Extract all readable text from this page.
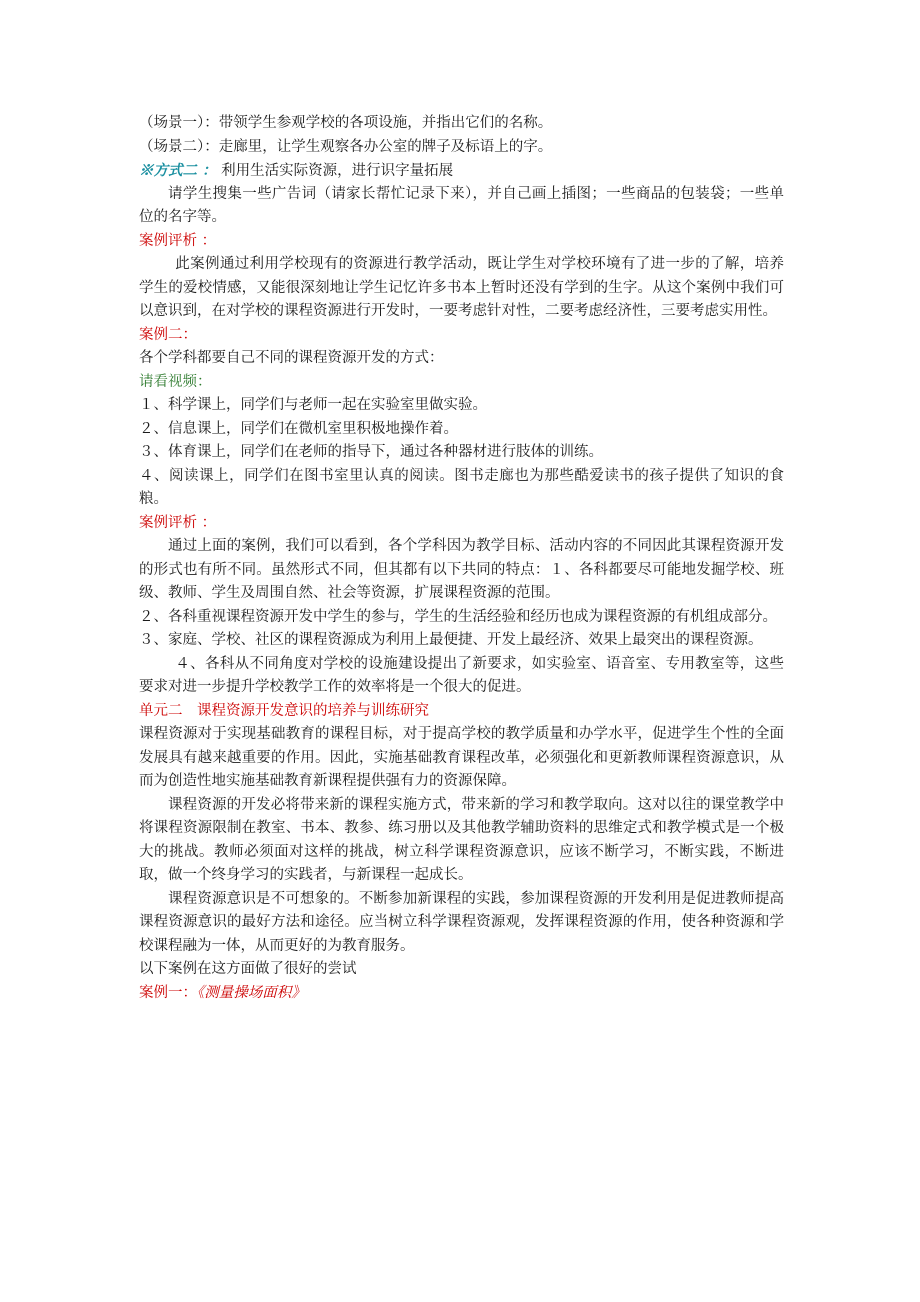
（场景一）：带领学生参观学校的各项设施，并指出它们的名称。

（场景二）：走廊里，让学生观察各办公室的牌子及标语上的字。

※方式二 ： 利用生活实际资源，进行识字量拓展

请学生搜集一些广告词（请家长帮忙记录下来），并自己画上插图；一些商品的包装袋；一些单位的名字等。

案例评析 ：

此案例通过利用学校现有的资源进行教学活动，既让学生对学校环境有了进一步的了解，培养学生的爱校情感，又能很深刻地让学生记忆许多书本上暂时还没有学到的生字。从这个案例中我们可以意识到，在对学校的课程资源进行开发时，一要考虑针对性，二要考虑经济性，三要考虑实用性。

案例二：

各个学科都要自己不同的课程资源开发的方式：

请看视频：

１、科学课上，同学们与老师一起在实验室里做实验。

２、信息课上，同学们在微机室里积极地操作着。

３、体育课上，同学们在老师的指导下，通过各种器材进行肢体的训练。

４、阅读课上，同学们在图书室里认真的阅读。图书走廊也为那些酷爱读书的孩子提供了知识的食粮。

案例评析 ：

通过上面的案例，我们可以看到，各个学科因为教学目标、活动内容的不同因此其课程资源开发的形式也有所不同。虽然形式不同，但其都有以下共同的特点：１、各科都要尽可能地发掘学校、班级、教师、学生及周围自然、社会等资源，扩展课程资源的范围。

２、各科重视课程资源开发中学生的参与，学生的生活经验和经历也成为课程资源的有机组成部分。

３、家庭、学校、社区的课程资源成为利用上最便捷、开发上最经济、效果上最突出的课程资源。

４、各科从不同角度对学校的设施建设提出了新要求，如实验室、语音室、专用教室等，这些要求对进一步提升学校教学工作的效率将是一个很大的促进。

单元二　课程资源开发意识的培养与训练研究

课程资源对于实现基础教育的课程目标，对于提高学校的教学质量和办学水平，促进学生个性的全面发展具有越来越重要的作用。因此，实施基础教育课程改革，必须强化和更新教师课程资源意识，从而为创造性地实施基础教育新课程提供强有力的资源保障。

课程资源的开发必将带来新的课程实施方式，带来新的学习和教学取向。这对以往的课堂教学中将课程资源限制在教室、书本、教参、练习册以及其他教学辅助资料的思维定式和教学模式是一个极大的挑战。教师必须面对这样的挑战，树立科学课程资源意识，应该不断学习，不断实践，不断进取，做一个终身学习的实践者，与新课程一起成长。

课程资源意识是不可想象的。不断参加新课程的实践，参加课程资源的开发利用是促进教师提高课程资源意识的最好方法和途径。应当树立科学课程资源观，发挥课程资源的作用，使各种资源和学校课程融为一体，从而更好的为教育服务。

以下案例在这方面做了很好的尝试

案例一：《测量操场面积》
